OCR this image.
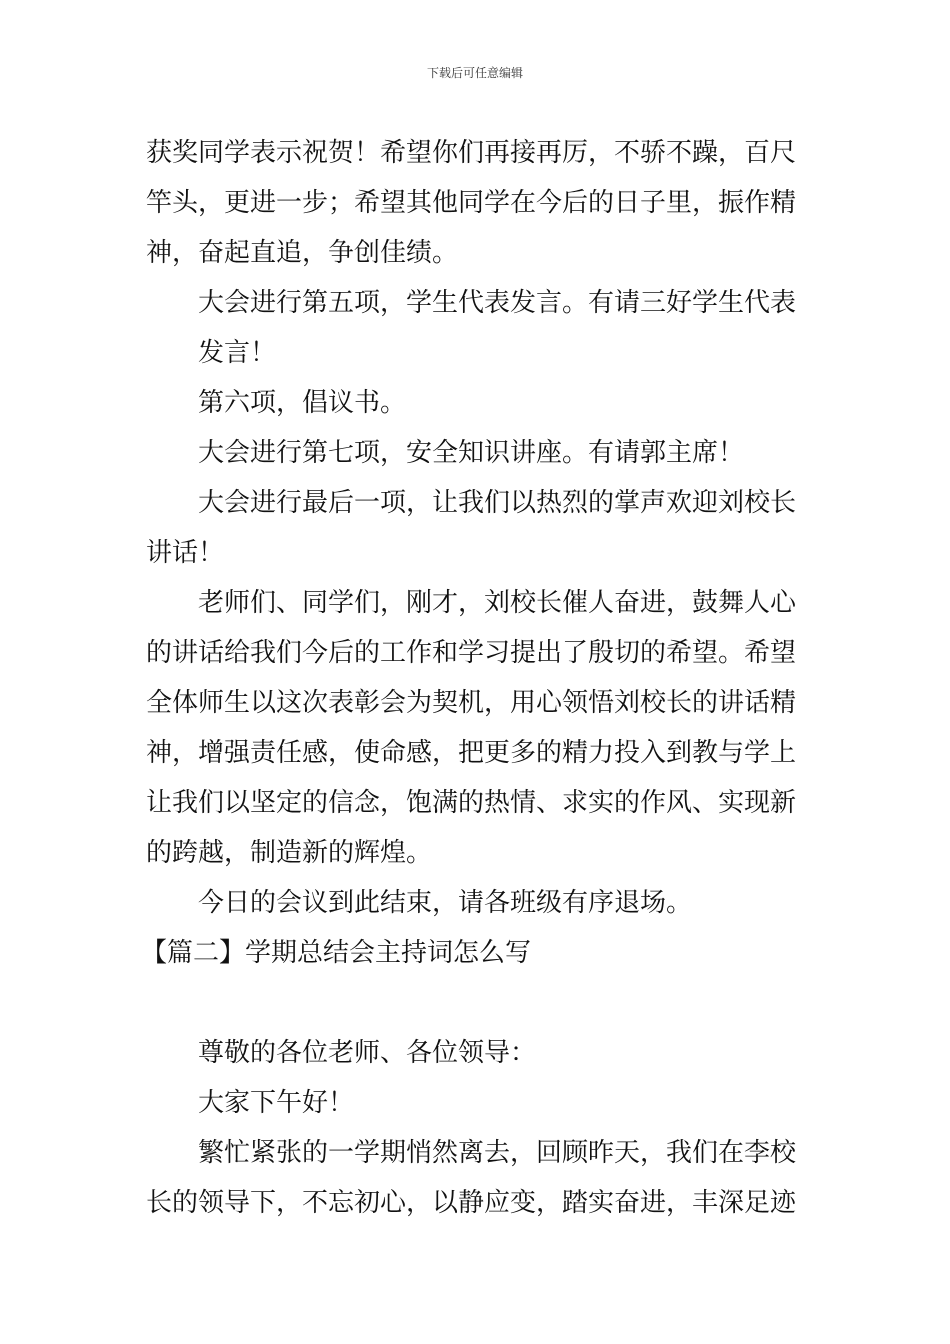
下载后可任意编辑
获奖同学表示祝贺！希望你们再接再厉，不骄不躁，百尺
竿头，更进一步；希望其他同学在今后的日子里，振作精
神，奋起直追，争创佳绩。
大会进行第五项，学生代表发言。有请三好学生代表
发言！
第六项，倡议书。
大会进行第七项，安全知识讲座。有请郭主席！
大会进行最后一项，让我们以热烈的掌声欢迎刘校长
讲话！
老师们、同学们，刚才，刘校长催人奋进，鼓舞人心
的讲话给我们今后的工作和学习提出了殷切的希望。希望
全体师生以这次表彰会为契机，用心领悟刘校长的讲话精
神，增强责任感，使命感，把更多的精力投入到教与学上
让我们以坚定的信念，饱满的热情、求实的作风、实现新
的跨越，制造新的辉煌。
今日的会议到此结束，请各班级有序退场。
【篇二】学期总结会主持词怎么写
尊敬的各位老师、各位领导：
大家下午好！
繁忙紧张的一学期悄然离去，回顾昨天，我们在李校
长的领导下，不忘初心，以静应变，踏实奋进，丰深足迹
